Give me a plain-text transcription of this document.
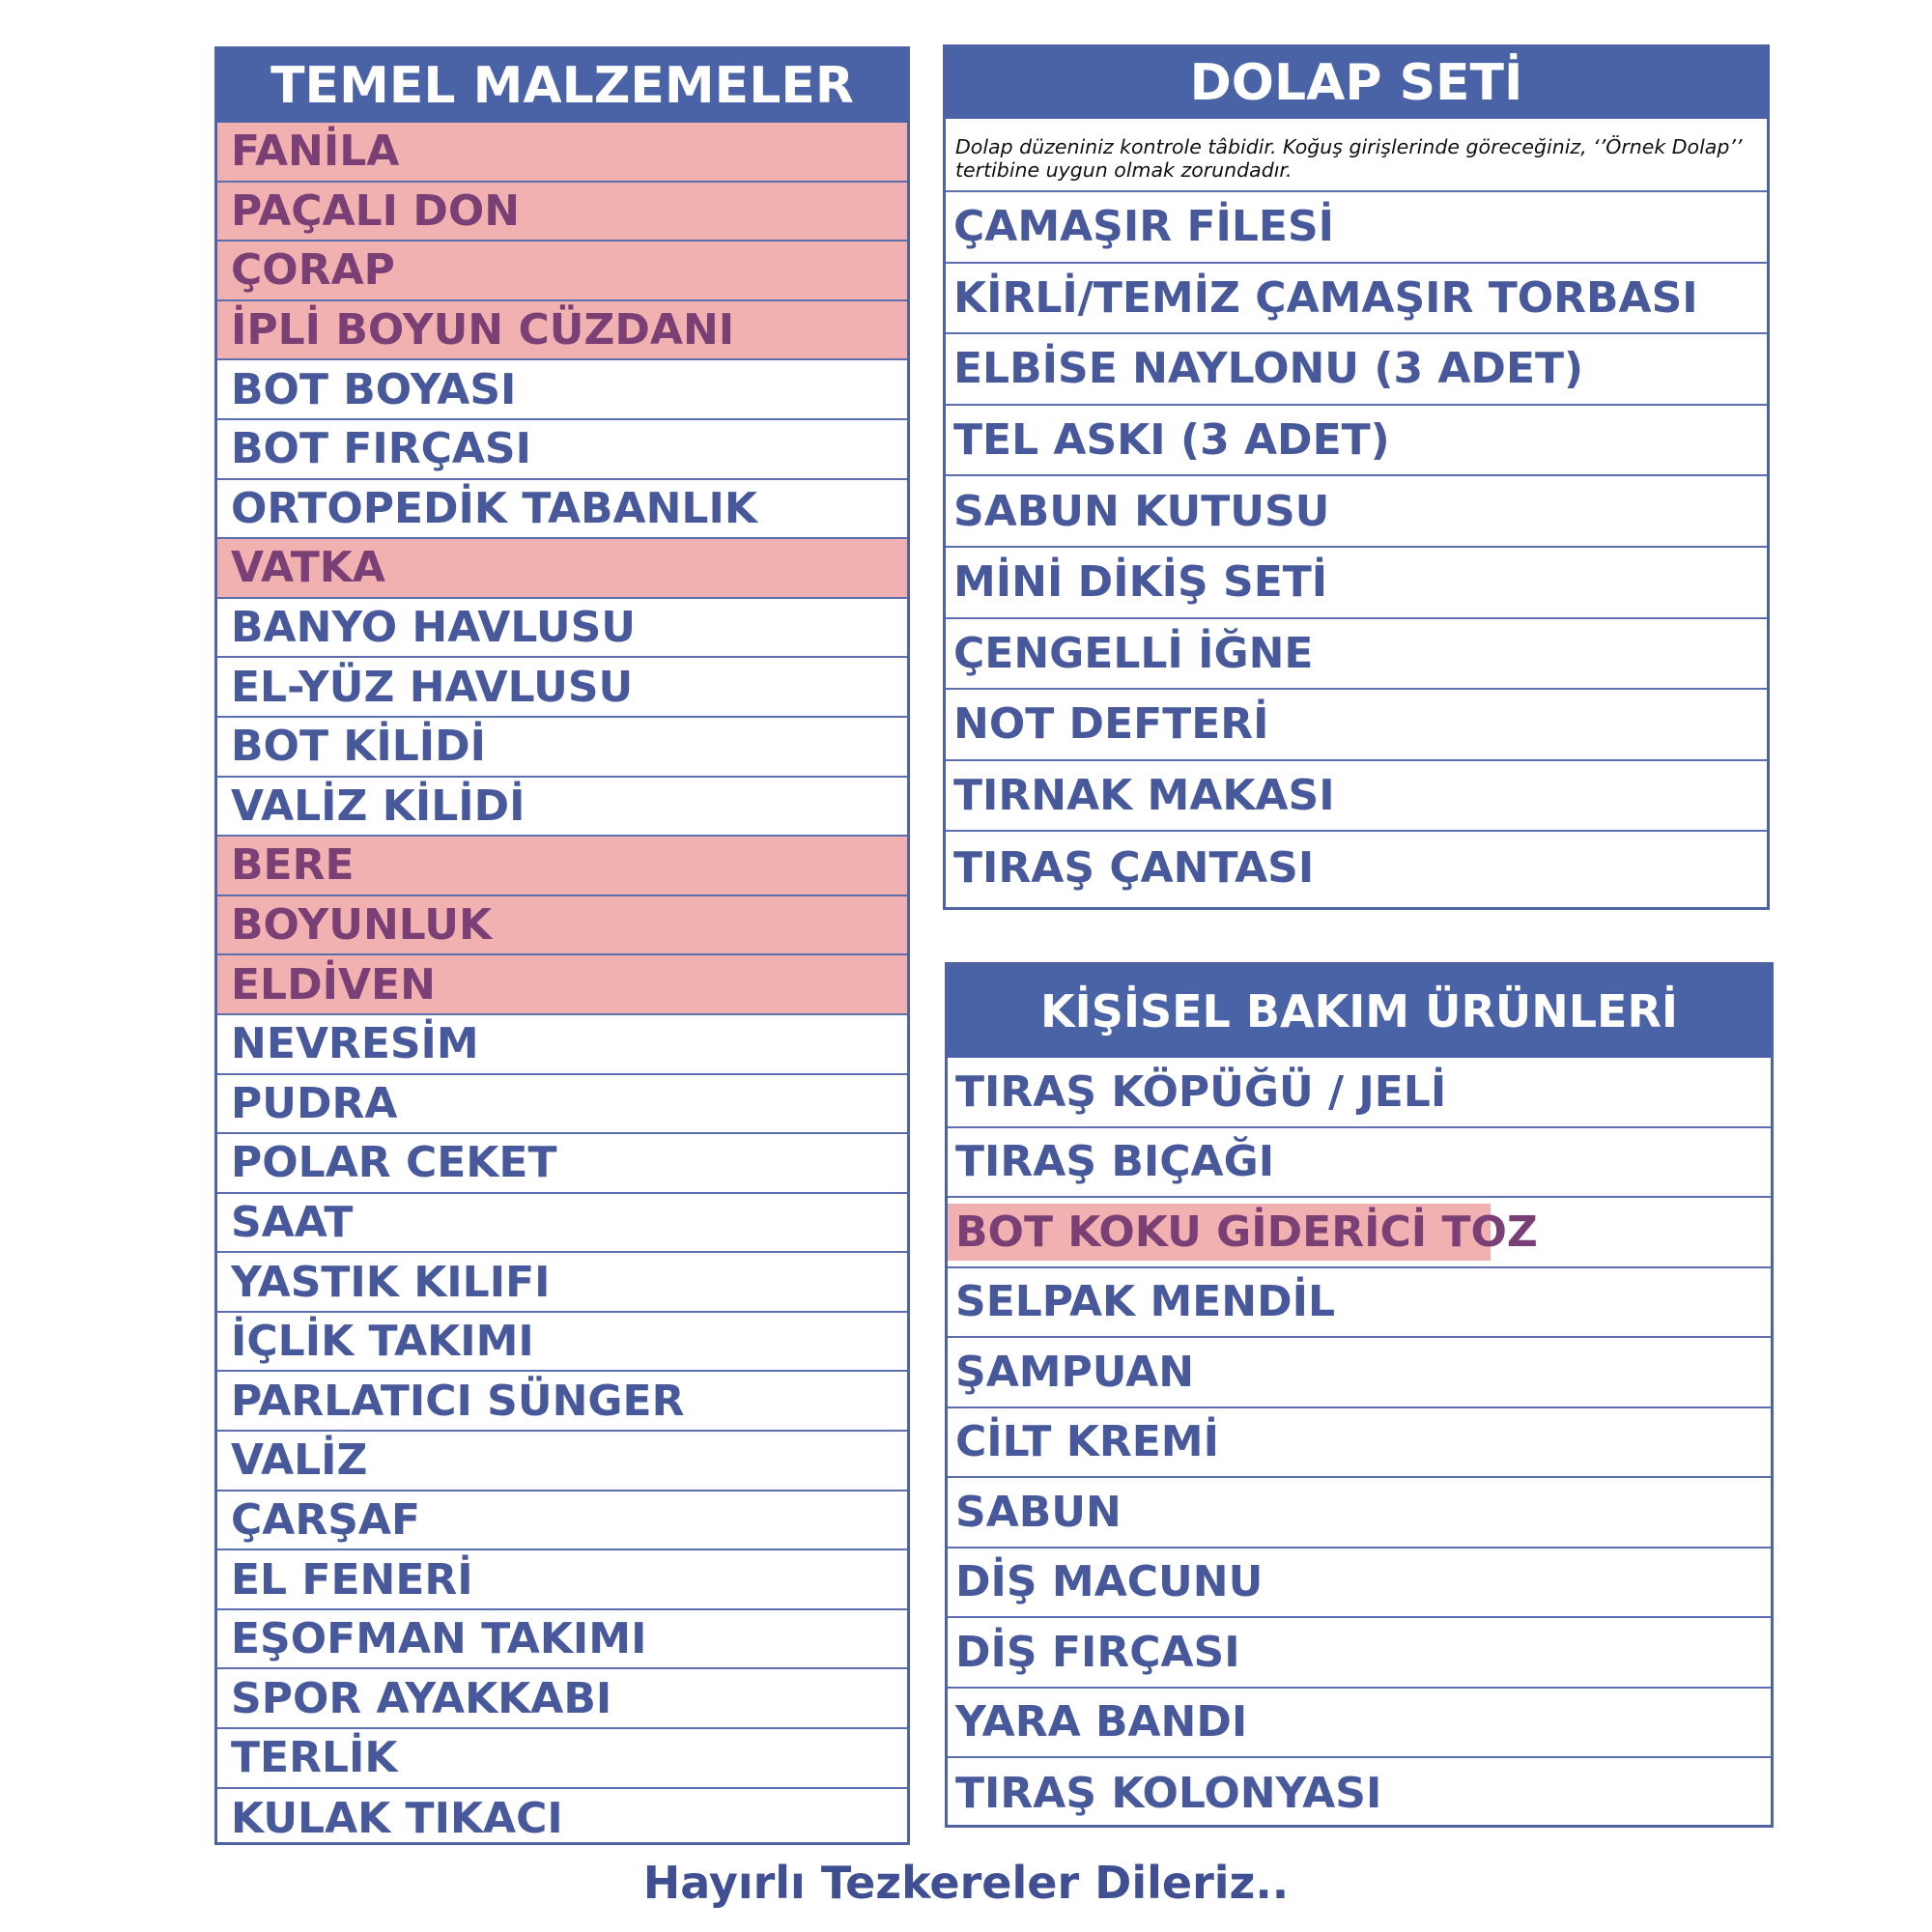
TEMEL MALZEMELER
FANİLA
PAÇALI DON
ÇORAP
İPLİ BOYUN CÜZDANI
BOT BOYASI
BOT FIRÇASI
ORTOPEDİK TABANLIK
VATKA
BANYO HAVLUSU
EL-YÜZ HAVLUSU
BOT KİLİDİ
VALİZ KİLİDİ
BERE
BOYUNLUK
ELDİVEN
NEVRESİM
PUDRA
POLAR CEKET
SAAT
YASTIK KILIFI
İÇLİK TAKIMI
PARLATICI SÜNGER
VALİZ
ÇARŞAF
EL FENERİ
EŞOFMAN TAKIMI
SPOR AYAKKABI
TERLİK
KULAK TIKACI
DOLAP SETİ
Dolap düzeniniz kontrole tâbidir. Koğuş girişlerinde göreceğiniz, ‘’Örnek Dolap’’ tertibine uygun olmak zorundadır.
ÇAMAŞIR FİLESİ
KİRLİ/TEMİZ ÇAMAŞIR TORBASI
ELBİSE NAYLONU (3 ADET)
TEL ASKI (3 ADET)
SABUN KUTUSU
MİNİ DİKİŞ SETİ
ÇENGELLİ İĞNE
NOT DEFTERİ
TIRNAK MAKASI
TIRAŞ ÇANTASI
KİŞİSEL BAKIM ÜRÜNLERİ
TIRAŞ KÖPÜĞÜ / JELİ
TIRAŞ BIÇAĞI
BOT KOKU GİDERİCİ TOZ
SELPAK MENDİL
ŞAMPUAN
CİLT KREMİ
SABUN
DİŞ MACUNU
DİŞ FIRÇASI
YARA BANDI
TIRAŞ KOLONYASI
Hayırlı Tezkereler Dileriz..
